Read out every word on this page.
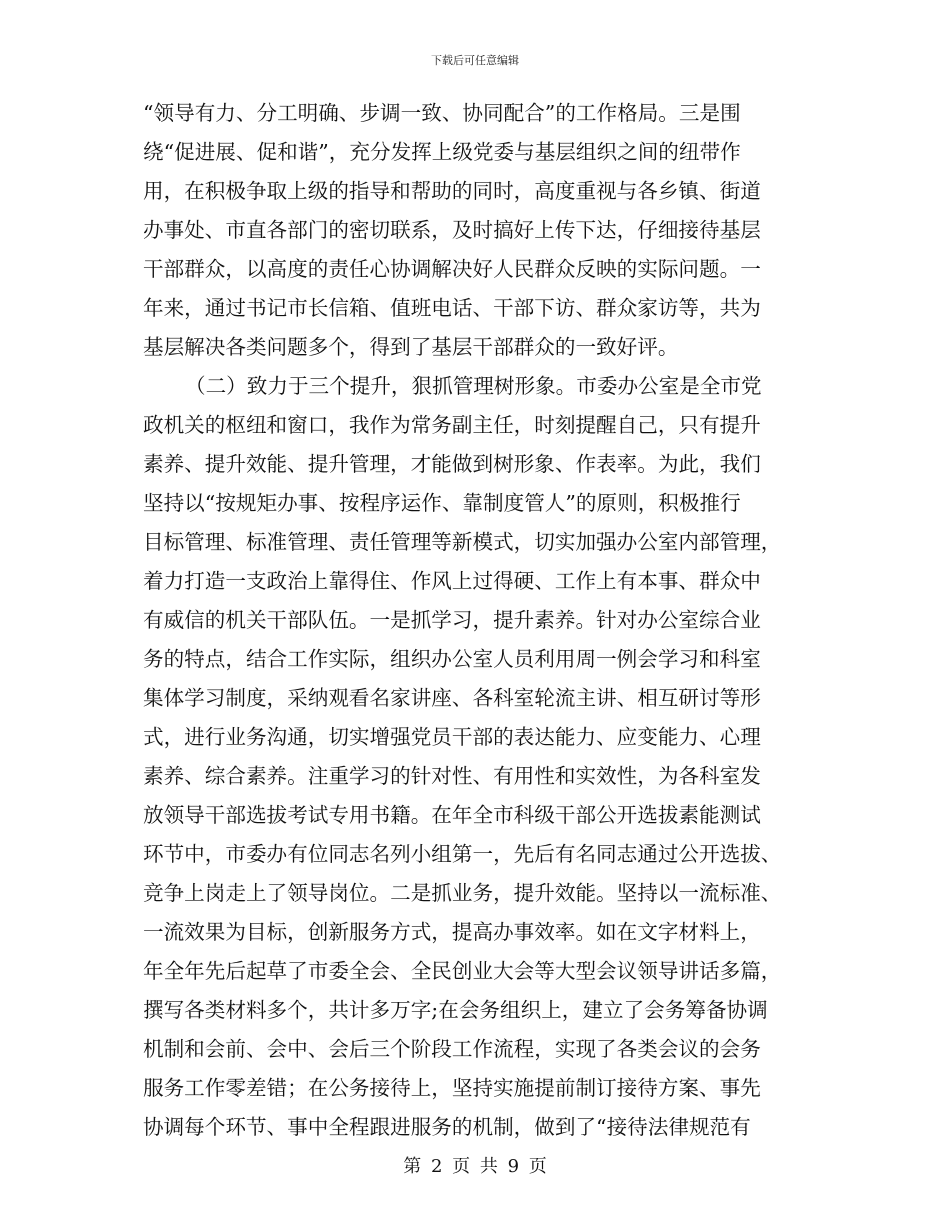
下载后可任意编辑
“领导有力、分工明确、步调一致、协同配合”的工作格局。三是围
绕“促进展、促和谐”，充分发挥上级党委与基层组织之间的纽带作
用，在积极争取上级的指导和帮助的同时，高度重视与各乡镇、街道
办事处、市直各部门的密切联系，及时搞好上传下达，仔细接待基层
干部群众，以高度的责任心协调解决好人民群众反映的实际问题。一
年来，通过书记市长信箱、值班电话、干部下访、群众家访等，共为
基层解决各类问题多个，得到了基层干部群众的一致好评。
（二）致力于三个提升，狠抓管理树形象。市委办公室是全市党
政机关的枢纽和窗口，我作为常务副主任，时刻提醒自己，只有提升
素养、提升效能、提升管理，才能做到树形象、作表率。为此，我们
坚持以“按规矩办事、按程序运作、靠制度管人”的原则，积极推行
目标管理、标准管理、责任管理等新模式，切实加强办公室内部管理，
着力打造一支政治上靠得住、作风上过得硬、工作上有本事、群众中
有威信的机关干部队伍。一是抓学习，提升素养。针对办公室综合业
务的特点，结合工作实际，组织办公室人员利用周一例会学习和科室
集体学习制度，采纳观看名家讲座、各科室轮流主讲、相互研讨等形
式，进行业务沟通，切实增强党员干部的表达能力、应变能力、心理
素养、综合素养。注重学习的针对性、有用性和实效性，为各科室发
放领导干部选拔考试专用书籍。在年全市科级干部公开选拔素能测试
环节中，市委办有位同志名列小组第一，先后有名同志通过公开选拔、
竞争上岗走上了领导岗位。二是抓业务，提升效能。坚持以一流标准、
一流效果为目标，创新服务方式，提高办事效率。如在文字材料上，
年全年先后起草了市委全会、全民创业大会等大型会议领导讲话多篇，
撰写各类材料多个，共计多万字;在会务组织上，建立了会务筹备协调
机制和会前、会中、会后三个阶段工作流程，实现了各类会议的会务
服务工作零差错；在公务接待上，坚持实施提前制订接待方案、事先
协调每个环节、事中全程跟进服务的机制，做到了“接待法律规范有
第 2 页 共 9 页
